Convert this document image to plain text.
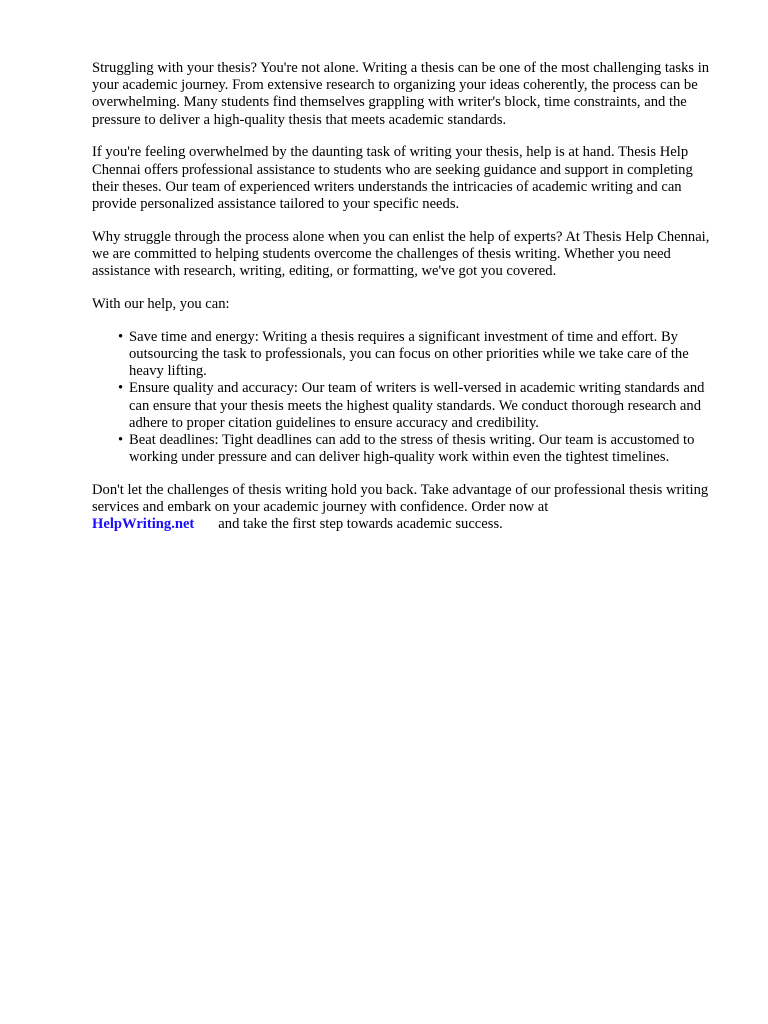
Struggling with your thesis? You're not alone. Writing a thesis can be one of the most challenging tasks in your academic journey. From extensive research to organizing your ideas coherently, the process can be overwhelming. Many students find themselves grappling with writer's block, time constraints, and the pressure to deliver a high-quality thesis that meets academic standards.

If you're feeling overwhelmed by the daunting task of writing your thesis, help is at hand. Thesis Help Chennai offers professional assistance to students who are seeking guidance and support in completing their theses. Our team of experienced writers understands the intricacies of academic writing and can provide personalized assistance tailored to your specific needs.

Why struggle through the process alone when you can enlist the help of experts? At Thesis Help Chennai, we are committed to helping students overcome the challenges of thesis writing. Whether you need assistance with research, writing, editing, or formatting, we've got you covered.

With our help, you can:

• Save time and energy: Writing a thesis requires a significant investment of time and effort. By outsourcing the task to professionals, you can focus on other priorities while we take care of the heavy lifting.
• Ensure quality and accuracy: Our team of writers is well-versed in academic writing standards and can ensure that your thesis meets the highest quality standards. We conduct thorough research and adhere to proper citation guidelines to ensure accuracy and credibility.
• Beat deadlines: Tight deadlines can add to the stress of thesis writing. Our team is accustomed to working under pressure and can deliver high-quality work within even the tightest timelines.

Don't let the challenges of thesis writing hold you back. Take advantage of our professional thesis writing services and embark on your academic journey with confidence. Order now at
HelpWriting.net and take the first step towards academic success.
